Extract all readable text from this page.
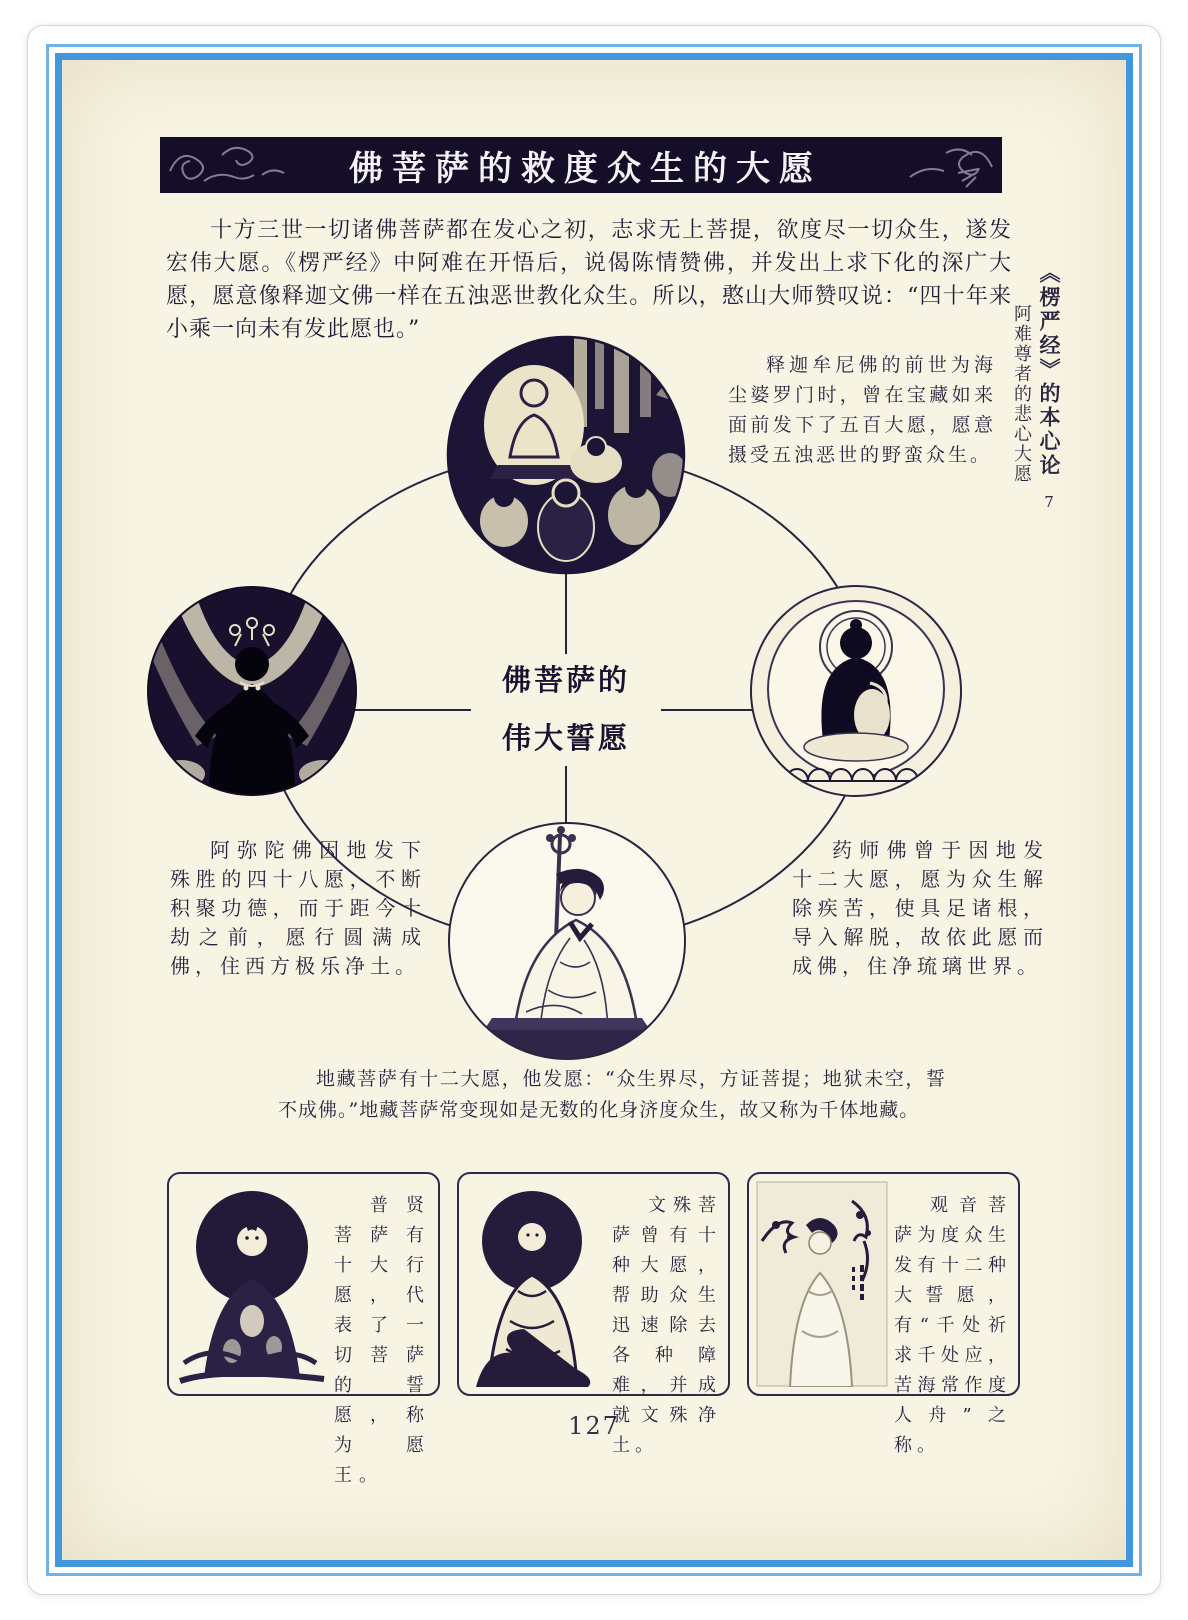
佛菩萨的救度众生的大愿

十方三世一切诸佛菩萨都在发心之初，志求无上菩提，欲度尽一切众生，遂发宏伟大愿。《楞严经》中阿难在开悟后，说偈陈情赞佛，并发出上求下化的深广大愿，愿意像释迦文佛一样在五浊恶世教化众生。所以，憨山大师赞叹说：“四十年来小乘一向未有发此愿也。”	《楞严经》的本心论 7 阿难尊者的悲心大愿
佛菩萨的
伟大誓愿

释迦牟尼佛的前世为海尘婆罗门时，曾在宝藏如来面前发下了五百大愿，愿意摄受五浊恶世的野蛮众生。

阿弥陀佛因地发下殊胜的四十八愿，不断积聚功德，而于距今十劫之前，愿行圆满成佛，住西方极乐净土。

药师佛曾于因地发十二大愿，愿为众生解除疾苦，使具足诸根，导入解脱，故依此愿而成佛，住净琉璃世界。

地藏菩萨有十二大愿，他发愿：“众生界尽，方证菩提；地狱未空，誓不成佛。”地藏菩萨常变现如是无数的化身济度众生，故又称为千体地藏。

普贤菩萨有十大行愿，代表了一切菩萨的誓愿，称为愿王。

文殊菩萨曾有十种大愿，帮助众生迅速除去各种障难，并成就文殊净土。

观音菩萨为度众生发有十二种大誓愿，有“千处祈求千处应，苦海常作度人舟”之称。

127
